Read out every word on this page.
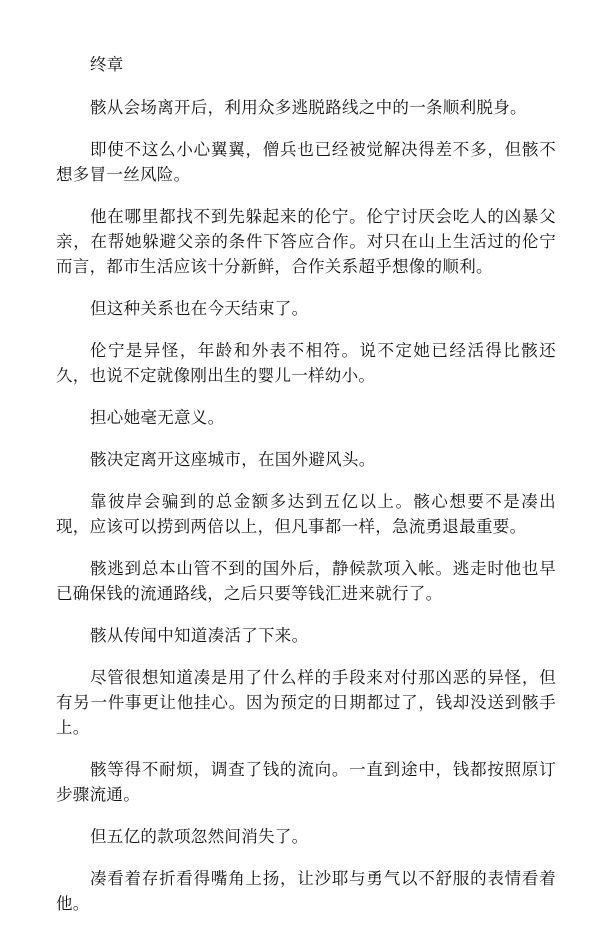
终章

骸从会场离开后，利用众多逃脱路线之中的一条顺利脱身。

即使不这么小心翼翼，僧兵也已经被觉解决得差不多，但骸不想多冒一丝风险。

他在哪里都找不到先躲起来的伦宁。伦宁讨厌会吃人的凶暴父亲，在帮她躲避父亲的条件下答应合作。对只在山上生活过的伦宁而言，都市生活应该十分新鲜，合作关系超乎想像的顺利。

但这种关系也在今天结束了。

伦宁是异怪，年龄和外表不相符。说不定她已经活得比骸还久，也说不定就像刚出生的婴儿一样幼小。

担心她毫无意义。

骸决定离开这座城市，在国外避风头。

靠彼岸会骗到的总金额多达到五亿以上。骸心想要不是凑出现，应该可以捞到两倍以上，但凡事都一样，急流勇退最重要。

骸逃到总本山管不到的国外后，静候款项入帐。逃走时他也早已确保钱的流通路线，之后只要等钱汇进来就行了。

骸从传闻中知道凑活了下来。

尽管很想知道凑是用了什么样的手段来对付那凶恶的异怪，但有另一件事更让他挂心。因为预定的日期都过了，钱却没送到骸手上。

骸等得不耐烦，调查了钱的流向。一直到途中，钱都按照原订步骤流通。

但五亿的款项忽然间消失了。

凑看着存折看得嘴角上扬，让沙耶与勇气以不舒服的表情看着他。
